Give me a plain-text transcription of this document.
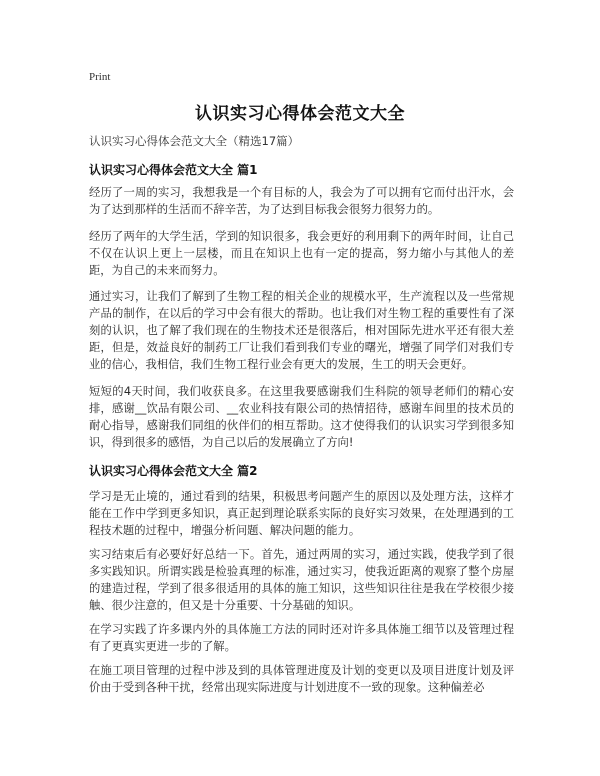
Print
认识实习心得体会范文大全
认识实习心得体会范文大全（精选17篇）
认识实习心得体会范文大全 篇1
经历了一周的实习，我想我是一个有目标的人，我会为了可以拥有它而付出汗水，会为了达到那样的生活而不辞辛苦，为了达到目标我会很努力很努力的。
经历了两年的大学生活，学到的知识很多，我会更好的利用剩下的两年时间，让自己不仅在认识上更上一层楼，而且在知识上也有一定的提高，努力缩小与其他人的差距，为自己的未来而努力。
通过实习，让我们了解到了生物工程的相关企业的规模水平，生产流程以及一些常规产品的制作，在以后的学习中会有很大的帮助。也让我们对生物工程的重要性有了深刻的认识，也了解了我们现在的生物技术还是很落后，相对国际先进水平还有很大差距，但是，效益良好的制药工厂让我们看到我们专业的曙光，增强了同学们对我们专业的信心，我相信，我们生物工程行业会有更大的发展，生工的明天会更好。
短短的4天时间，我们收获良多。在这里我要感谢我们生科院的领导老师们的精心安排，感谢__饮品有限公司、__农业科技有限公司的热情招待，感谢车间里的技术员的耐心指导，感谢我们同组的伙伴们的相互帮助。这才使得我们的认识实习学到很多知识，得到很多的感悟，为自己以后的发展确立了方向!
认识实习心得体会范文大全 篇2
学习是无止境的，通过看到的结果，积极思考问题产生的原因以及处理方法，这样才能在工作中学到更多知识，真正起到理论联系实际的良好实习效果，在处理遇到的工程技术题的过程中，增强分析问题、解决问题的能力。
实习结束后有必要好好总结一下。首先，通过两周的实习，通过实践，使我学到了很多实践知识。所谓实践是检验真理的标准，通过实习，使我近距离的观察了整个房屋的建造过程，学到了很多很适用的具体的施工知识，这些知识往往是我在学校很少接触、很少注意的，但又是十分重要、十分基础的知识。
在学习实践了许多课内外的具体施工方法的同时还对许多具体施工细节以及管理过程有了更真实更进一步的了解。
在施工项目管理的过程中涉及到的具体管理进度及计划的变更以及项目进度计划及评价由于受到各种干扰，经常出现实际进度与计划进度不一致的现象。这种偏差必
